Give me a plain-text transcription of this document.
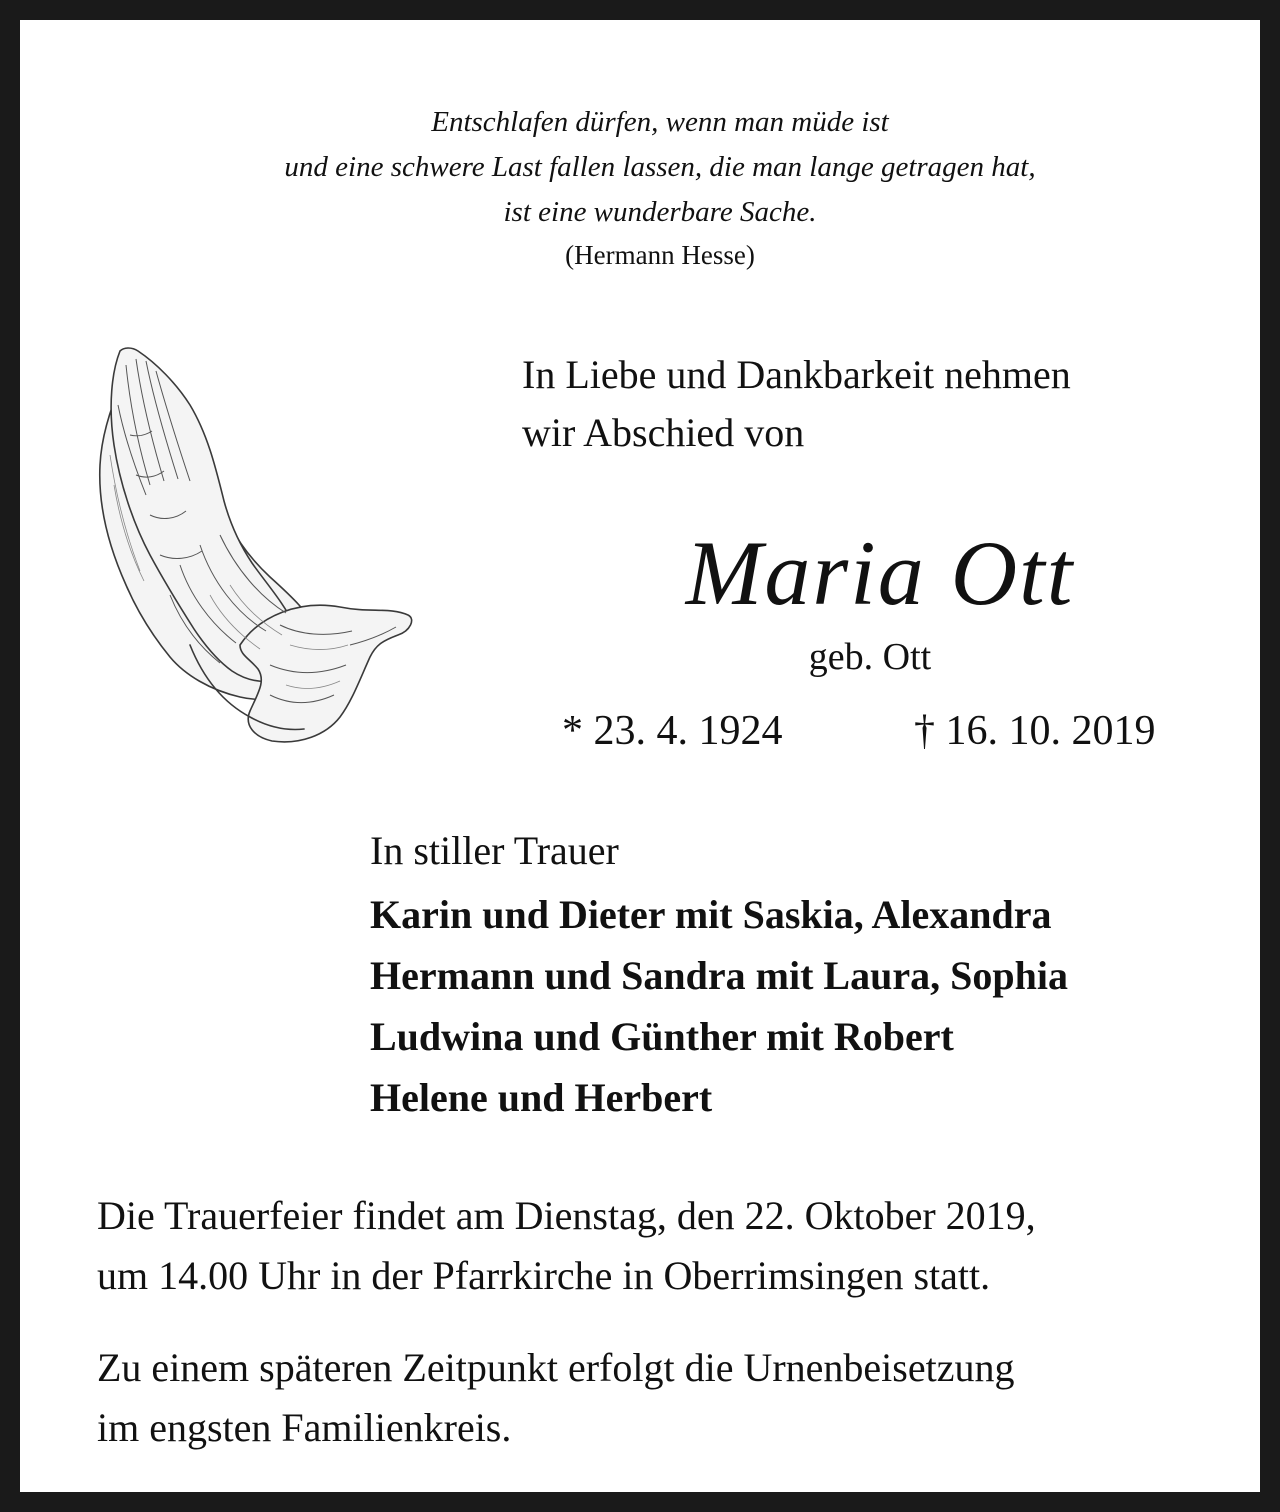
Entschlafen dürfen, wenn man müde ist
und eine schwere Last fallen lassen, die man lange getragen hat,
ist eine wunderbare Sache.
(Hermann Hesse)
In Liebe und Dankbarkeit nehmen
wir Abschied von
Maria Ott
geb. Ott
* 23. 4. 1924	† 16. 10. 2019
In stiller Trauer
Karin und Dieter mit Saskia, Alexandra
Hermann und Sandra mit Laura, Sophia
Ludwina und Günther mit Robert
Helene und Herbert
Die Trauerfeier findet am Dienstag, den 22. Oktober 2019,
um 14.00 Uhr in der Pfarrkirche in Oberrimsingen statt.
Zu einem späteren Zeitpunkt erfolgt die Urnenbeisetzung
im engsten Familienkreis.
